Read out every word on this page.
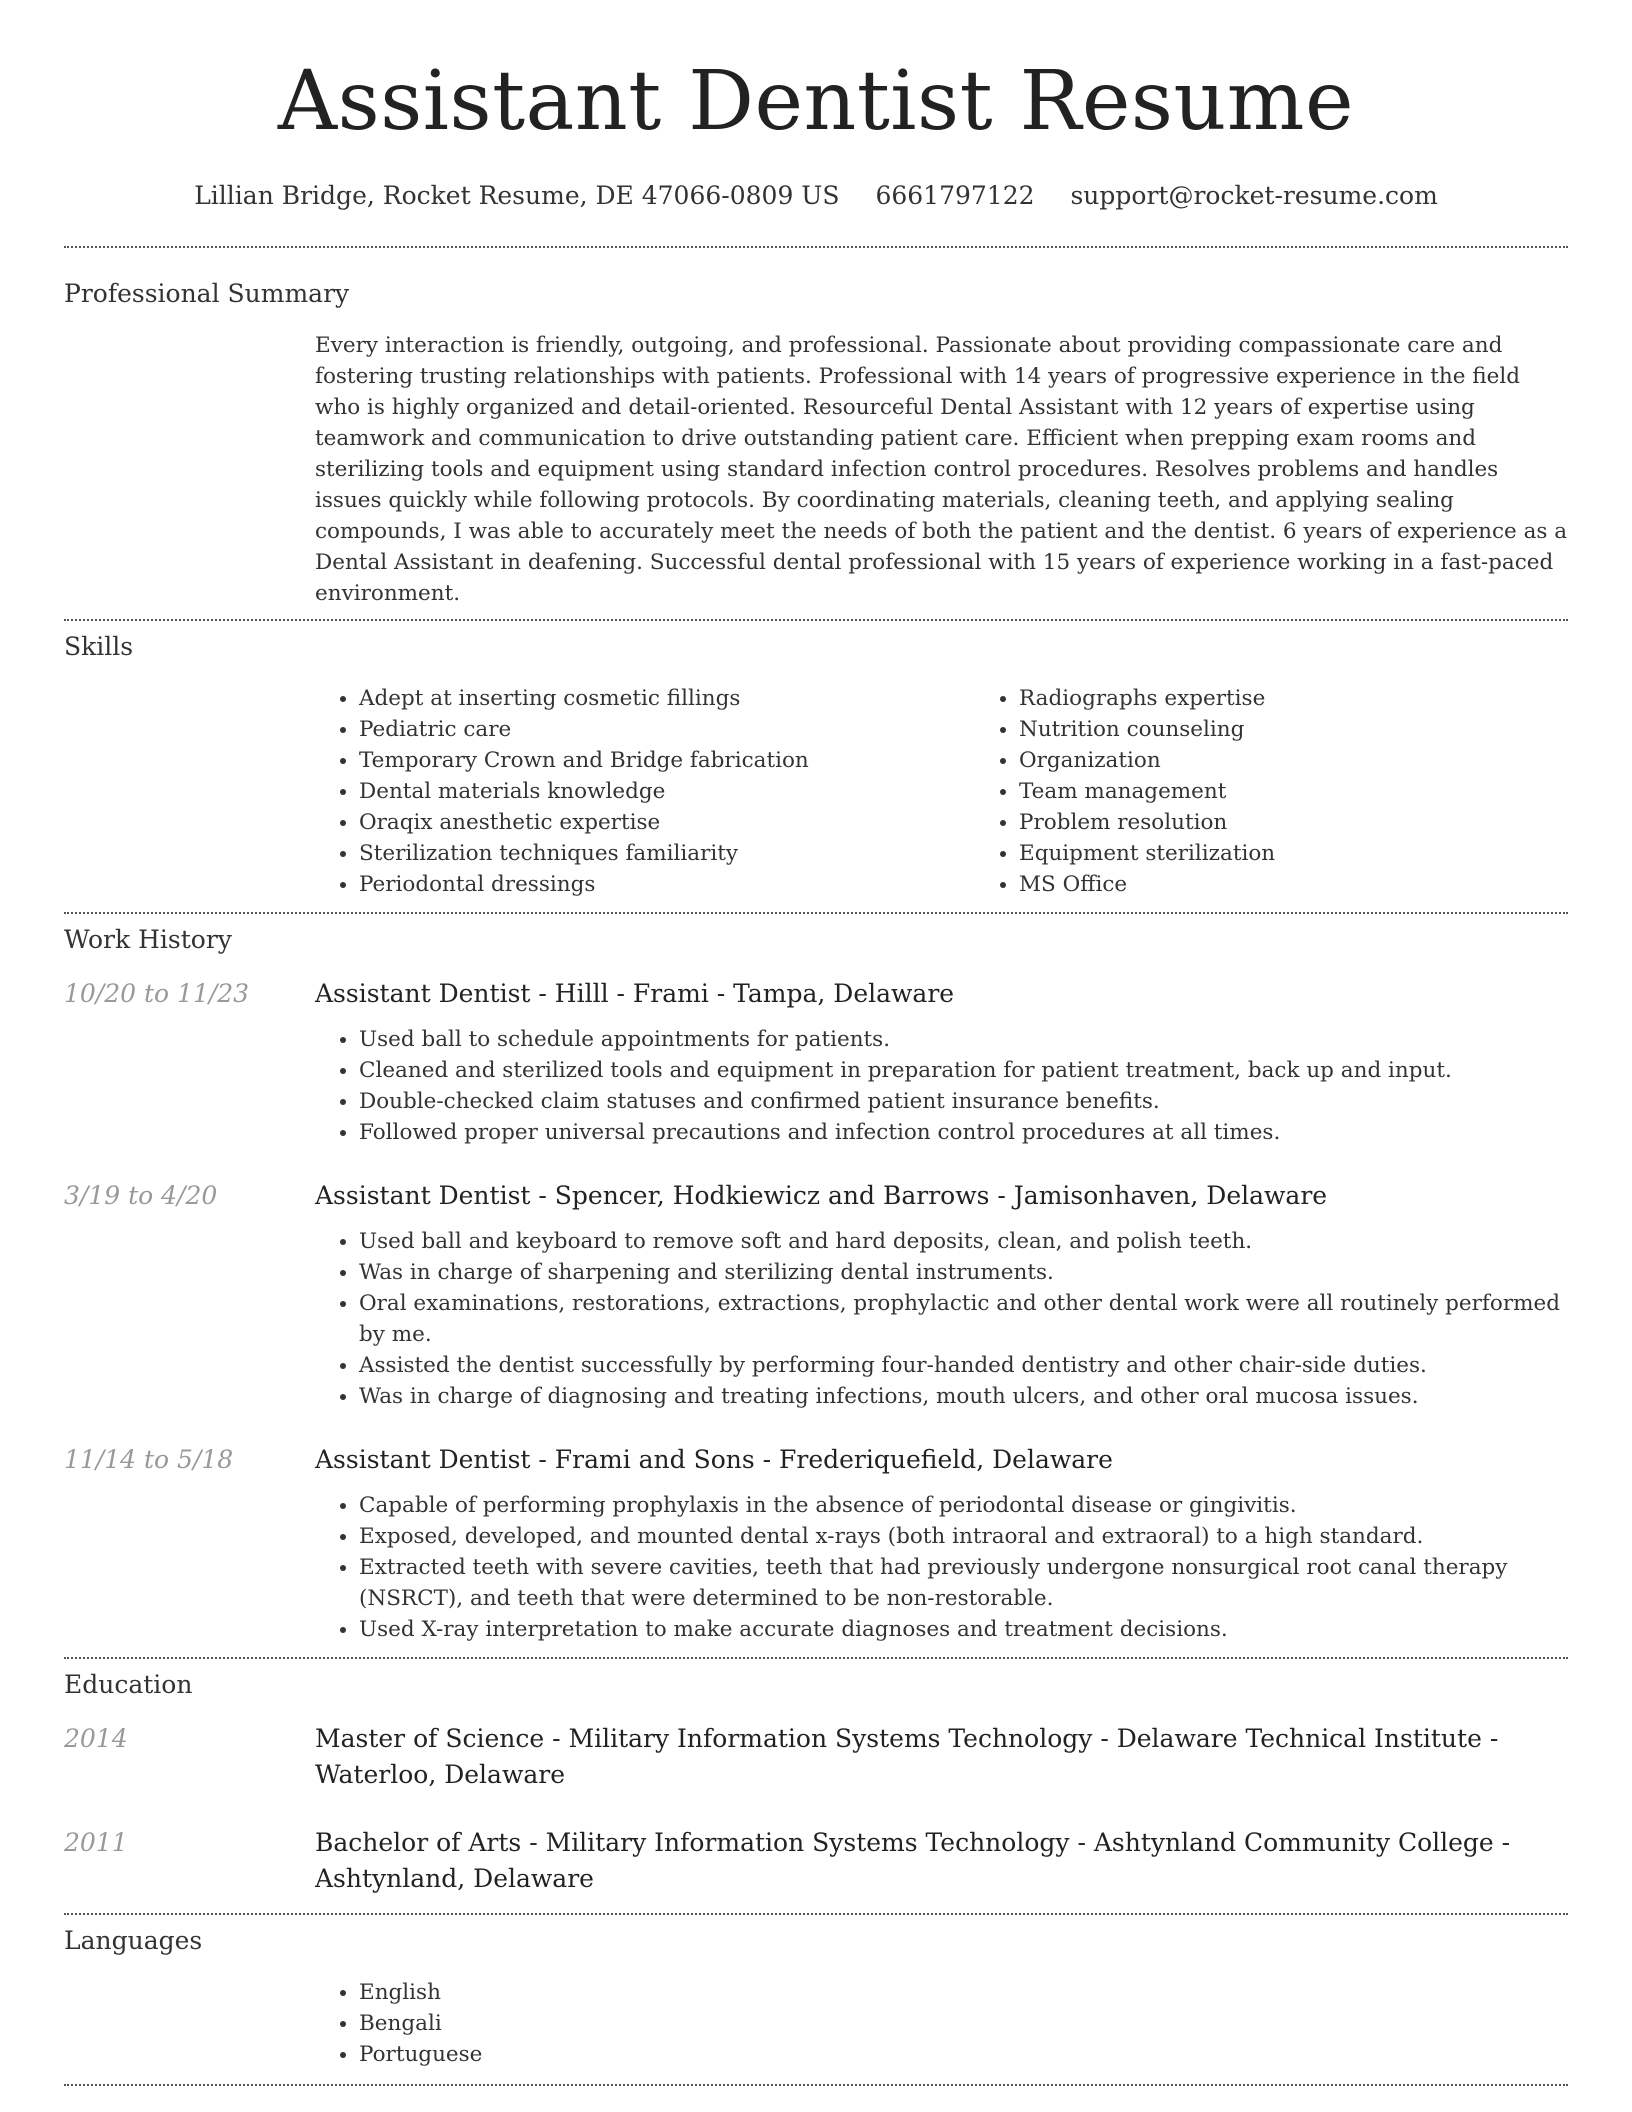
Assistant Dentist Resume
Lillian Bridge, Rocket Resume, DE 47066-0809 US 6661797122 support@rocket-resume.com
Professional Summary
Every interaction is friendly, outgoing, and professional. Passionate about providing compassionate care and fostering trusting relationships with patients. Professional with 14 years of progressive experience in the field who is highly organized and detail-oriented. Resourceful Dental Assistant with 12 years of expertise using teamwork and communication to drive outstanding patient care. Efficient when prepping exam rooms and sterilizing tools and equipment using standard infection control procedures. Resolves problems and handles issues quickly while following protocols. By coordinating materials, cleaning teeth, and applying sealing compounds, I was able to accurately meet the needs of both the patient and the dentist. 6 years of experience as a Dental Assistant in deafening. Successful dental professional with 15 years of experience working in a fast-paced environment.
Skills
• Adept at inserting cosmetic fillings
• Pediatric care
• Temporary Crown and Bridge fabrication
• Dental materials knowledge
• Oraqix anesthetic expertise
• Sterilization techniques familiarity
• Periodontal dressings
• Radiographs expertise
• Nutrition counseling
• Organization
• Team management
• Problem resolution
• Equipment sterilization
• MS Office
Work History
10/20 to 11/23	Assistant Dentist - Hilll - Frami - Tampa, Delaware
• Used ball to schedule appointments for patients.
• Cleaned and sterilized tools and equipment in preparation for patient treatment, back up and input.
• Double-checked claim statuses and confirmed patient insurance benefits.
• Followed proper universal precautions and infection control procedures at all times.
3/19 to 4/20	Assistant Dentist - Spencer, Hodkiewicz and Barrows - Jamisonhaven, Delaware
• Used ball and keyboard to remove soft and hard deposits, clean, and polish teeth.
• Was in charge of sharpening and sterilizing dental instruments.
• Oral examinations, restorations, extractions, prophylactic and other dental work were all routinely performed by me.
• Assisted the dentist successfully by performing four-handed dentistry and other chair-side duties.
• Was in charge of diagnosing and treating infections, mouth ulcers, and other oral mucosa issues.
11/14 to 5/18	Assistant Dentist - Frami and Sons - Frederiquefield, Delaware
• Capable of performing prophylaxis in the absence of periodontal disease or gingivitis.
• Exposed, developed, and mounted dental x-rays (both intraoral and extraoral) to a high standard.
• Extracted teeth with severe cavities, teeth that had previously undergone nonsurgical root canal therapy (NSRCT), and teeth that were determined to be non-restorable.
• Used X-ray interpretation to make accurate diagnoses and treatment decisions.
Education
2014	Master of Science - Military Information Systems Technology - Delaware Technical Institute - Waterloo, Delaware
2011	Bachelor of Arts - Military Information Systems Technology - Ashtynland Community College - Ashtynland, Delaware
Languages
• English
• Bengali
• Portuguese
